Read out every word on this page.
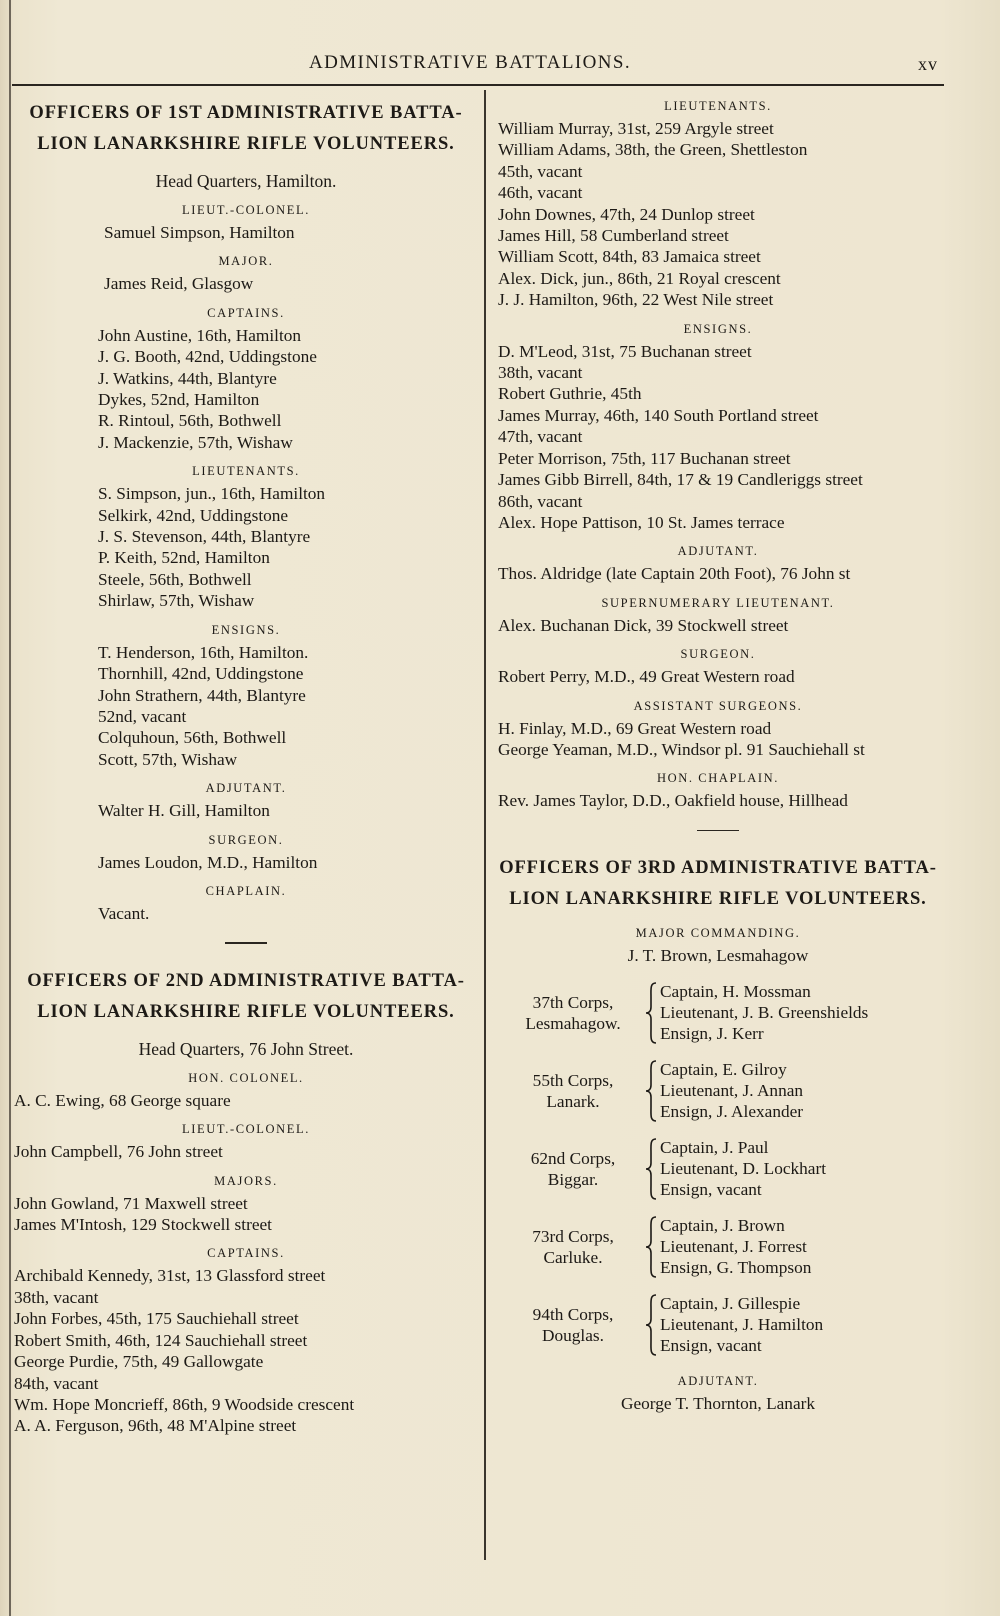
ADMINISTRATIVE BATTALIONS.	xv
OFFICERS OF 1ST ADMINISTRATIVE BATTA-
LION LANARKSHIRE RIFLE VOLUNTEERS.
Head Quarters, Hamilton.
LIEUT.-COLONEL.
Samuel Simpson, Hamilton
MAJOR.
James Reid, Glasgow
CAPTAINS.
John Austine, 16th, Hamilton
J. G. Booth, 42nd, Uddingstone
J. Watkins, 44th, Blantyre
Dykes, 52nd, Hamilton
R. Rintoul, 56th, Bothwell
J. Mackenzie, 57th, Wishaw
LIEUTENANTS.
S. Simpson, jun., 16th, Hamilton
Selkirk, 42nd, Uddingstone
J. S. Stevenson, 44th, Blantyre
P. Keith, 52nd, Hamilton
Steele, 56th, Bothwell
Shirlaw, 57th, Wishaw
ENSIGNS.
T. Henderson, 16th, Hamilton.
Thornhill, 42nd, Uddingstone
John Strathern, 44th, Blantyre
52nd, vacant
Colquhoun, 56th, Bothwell
Scott, 57th, Wishaw
ADJUTANT.
Walter H. Gill, Hamilton
SURGEON.
James Loudon, M.D., Hamilton
CHAPLAIN.
Vacant.
OFFICERS OF 2ND ADMINISTRATIVE BATTA-
LION LANARKSHIRE RIFLE VOLUNTEERS.
Head Quarters, 76 John Street.
HON. COLONEL.
A. C. Ewing, 68 George square
LIEUT.-COLONEL.
John Campbell, 76 John street
MAJORS.
John Gowland, 71 Maxwell street
James M'Intosh, 129 Stockwell street
CAPTAINS.
Archibald Kennedy, 31st, 13 Glassford street
38th, vacant
John Forbes, 45th, 175 Sauchiehall street
Robert Smith, 46th, 124 Sauchiehall street
George Purdie, 75th, 49 Gallowgate
84th, vacant
Wm. Hope Moncrieff, 86th, 9 Woodside crescent
A. A. Ferguson, 96th, 48 M'Alpine street
LIEUTENANTS.
William Murray, 31st, 259 Argyle street
William Adams, 38th, the Green, Shettleston
45th, vacant
46th, vacant
John Downes, 47th, 24 Dunlop street
James Hill, 58 Cumberland street
William Scott, 84th, 83 Jamaica street
Alex. Dick, jun., 86th, 21 Royal crescent
J. J. Hamilton, 96th, 22 West Nile street
ENSIGNS.
D. M'Leod, 31st, 75 Buchanan street
38th, vacant
Robert Guthrie, 45th
James Murray, 46th, 140 South Portland street
47th, vacant
Peter Morrison, 75th, 117 Buchanan street
James Gibb Birrell, 84th, 17 & 19 Candleriggs street
86th, vacant
Alex. Hope Pattison, 10 St. James terrace
ADJUTANT.
Thos. Aldridge (late Captain 20th Foot), 76 John st
SUPERNUMERARY LIEUTENANT.
Alex. Buchanan Dick, 39 Stockwell street
SURGEON.
Robert Perry, M.D., 49 Great Western road
ASSISTANT SURGEONS.
H. Finlay, M.D., 69 Great Western road
George Yeaman, M.D., Windsor pl. 91 Sauchiehall st
HON. CHAPLAIN.
Rev. James Taylor, D.D., Oakfield house, Hillhead
OFFICERS OF 3RD ADMINISTRATIVE BATTA-
LION LANARKSHIRE RIFLE VOLUNTEERS.
MAJOR COMMANDING.
J. T. Brown, Lesmahagow
37th Corps,
Lesmahagow.
Captain, H. Mossman
Lieutenant, J. B. Greenshields
Ensign, J. Kerr
55th Corps,
Lanark.
Captain, E. Gilroy
Lieutenant, J. Annan
Ensign, J. Alexander
62nd Corps,
Biggar.
Captain, J. Paul
Lieutenant, D. Lockhart
Ensign, vacant
73rd Corps,
Carluke.
Captain, J. Brown
Lieutenant, J. Forrest
Ensign, G. Thompson
94th Corps,
Douglas.
Captain, J. Gillespie
Lieutenant, J. Hamilton
Ensign, vacant
ADJUTANT.
George T. Thornton, Lanark
